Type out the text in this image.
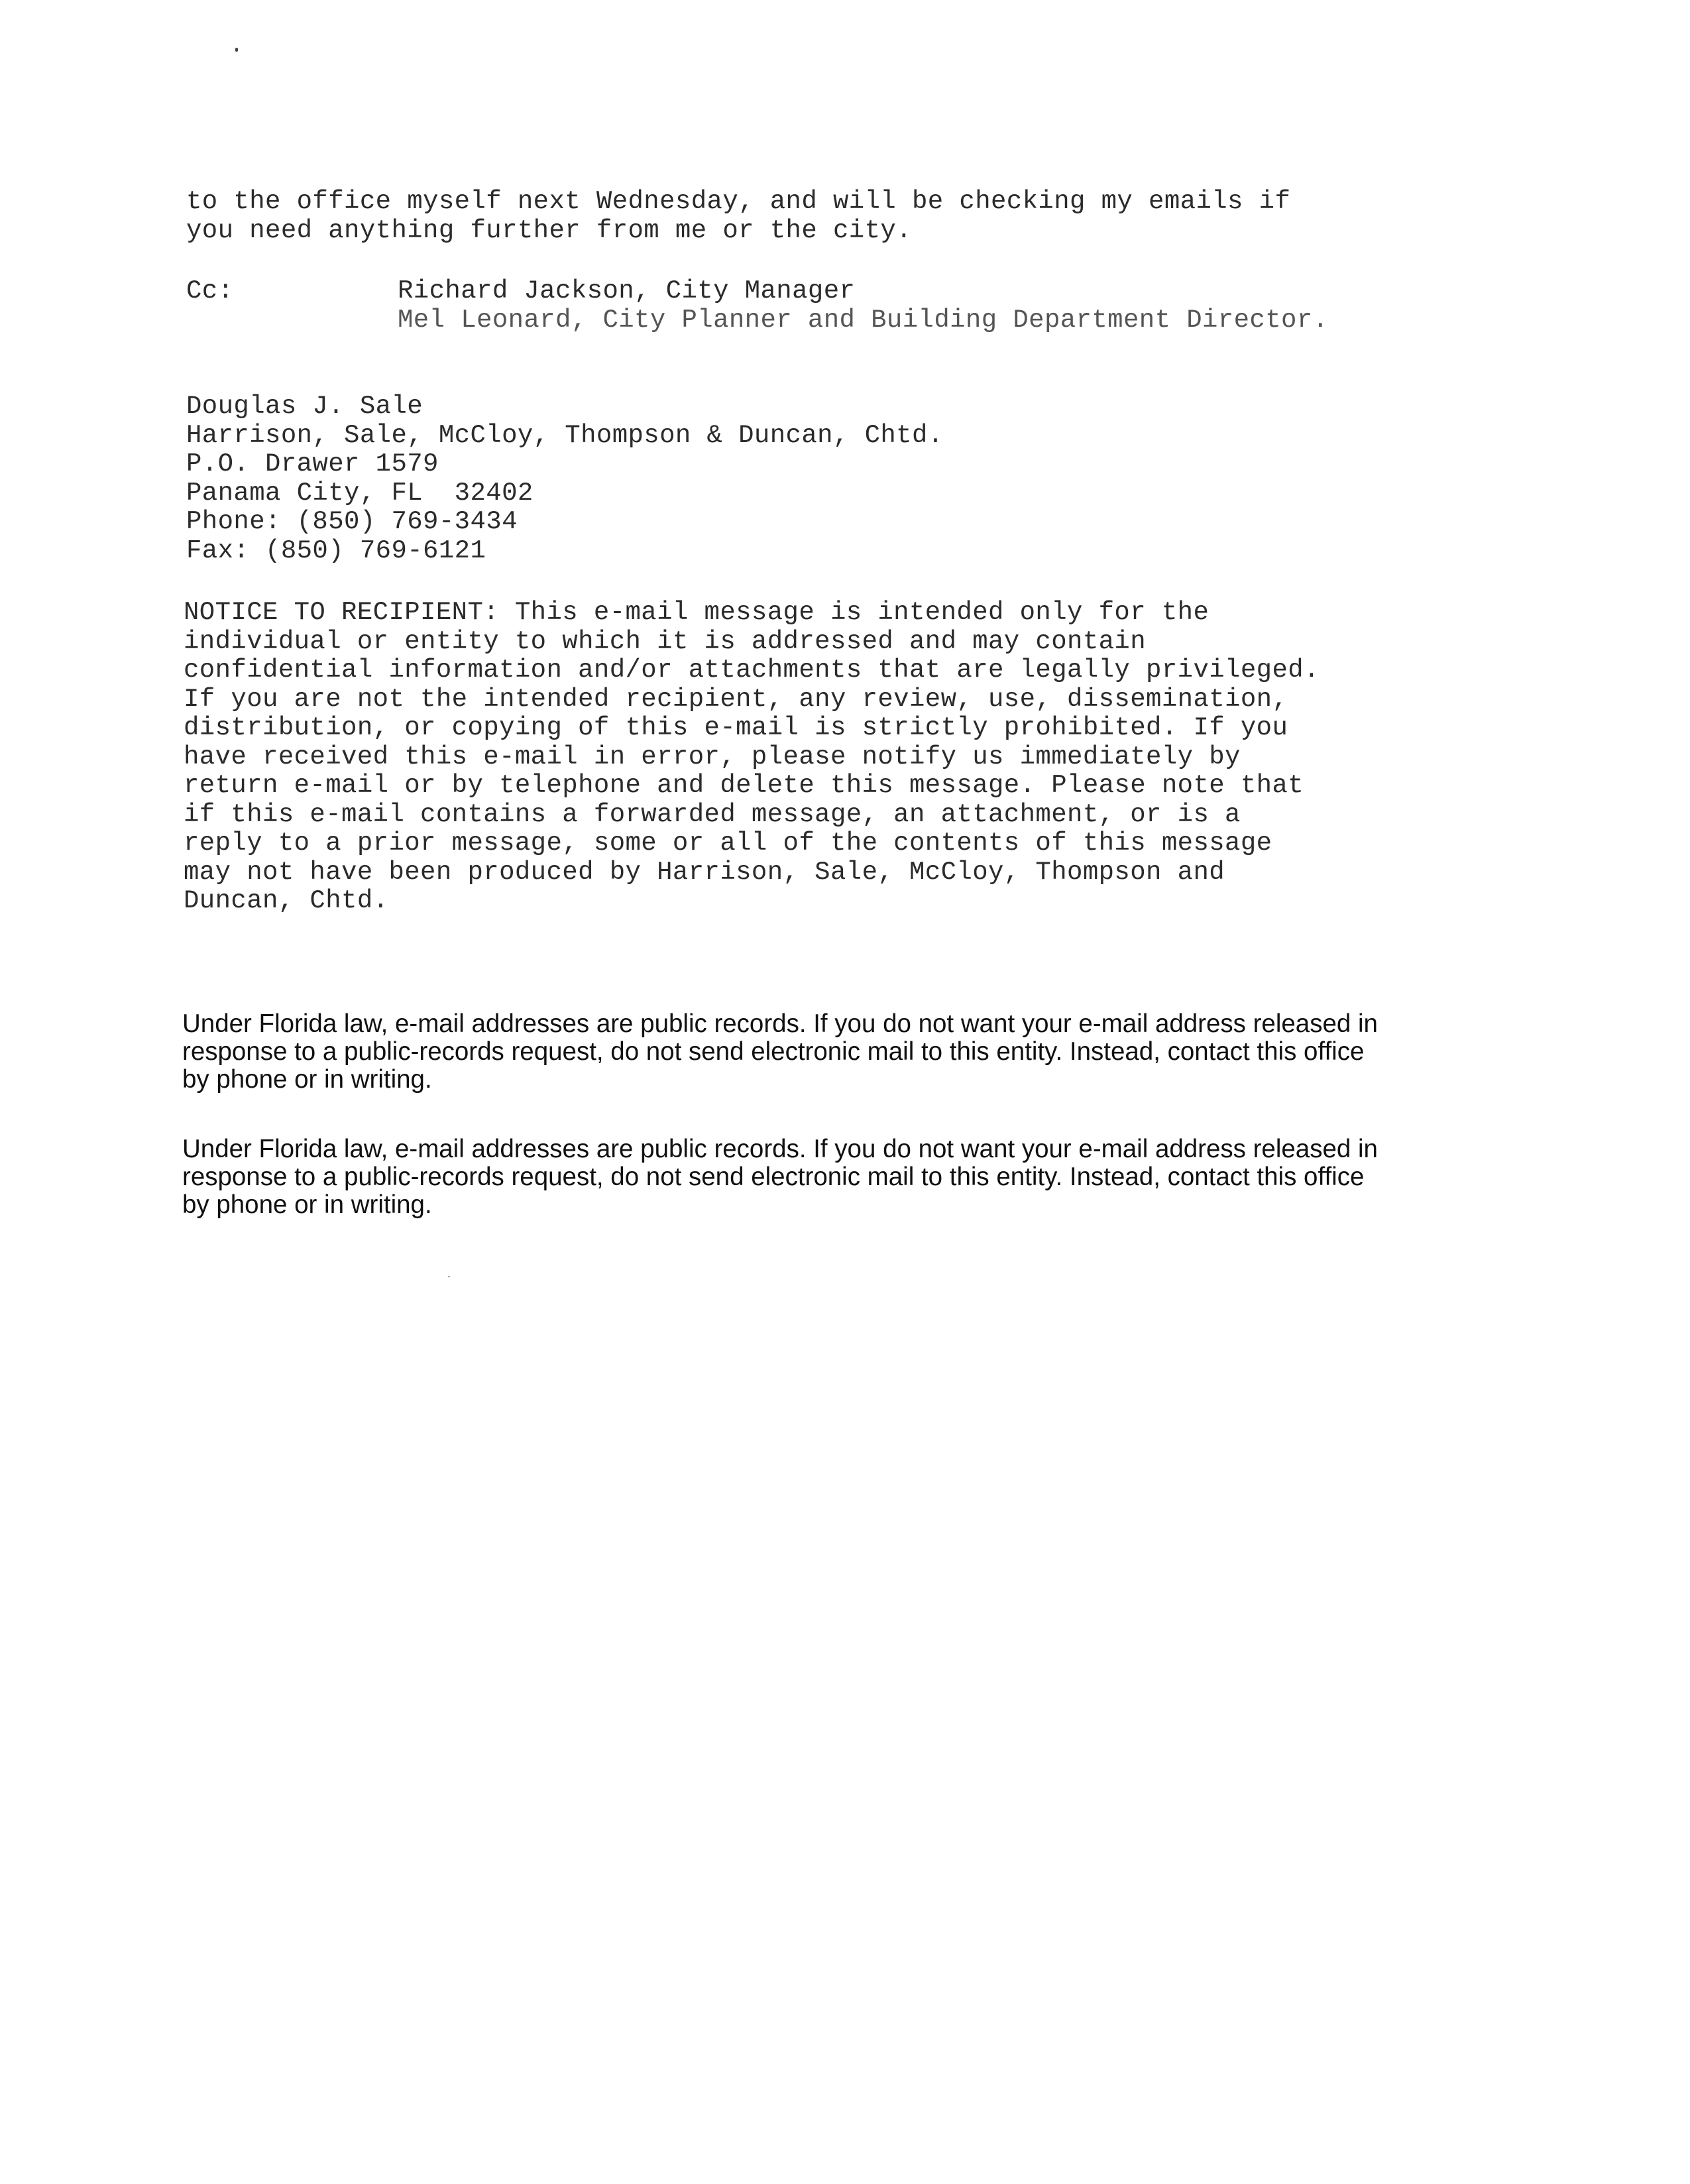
to the office myself next Wednesday, and will be checking my emails if
you need anything further from me or the city.
Cc:	Richard Jackson, City Manager
Mel Leonard, City Planner and Building Department Director.
Douglas J. Sale
Harrison, Sale, McCloy, Thompson & Duncan, Chtd.
P.O. Drawer 1579
Panama City, FL  32402
Phone: (850) 769-3434
Fax: (850) 769-6121
NOTICE TO RECIPIENT: This e-mail message is intended only for the
individual or entity to which it is addressed and may contain
confidential information and/or attachments that are legally privileged.
If you are not the intended recipient, any review, use, dissemination,
distribution, or copying of this e-mail is strictly prohibited. If you
have received this e-mail in error, please notify us immediately by
return e-mail or by telephone and delete this message. Please note that
if this e-mail contains a forwarded message, an attachment, or is a
reply to a prior message, some or all of the contents of this message
may not have been produced by Harrison, Sale, McCloy, Thompson and
Duncan, Chtd.
Under Florida law, e-mail addresses are public records. If you do not want your e-mail address released in
response to a public-records request, do not send electronic mail to this entity. Instead, contact this office
by phone or in writing.
Under Florida law, e-mail addresses are public records. If you do not want your e-mail address released in
response to a public-records request, do not send electronic mail to this entity. Instead, contact this office
by phone or in writing.
